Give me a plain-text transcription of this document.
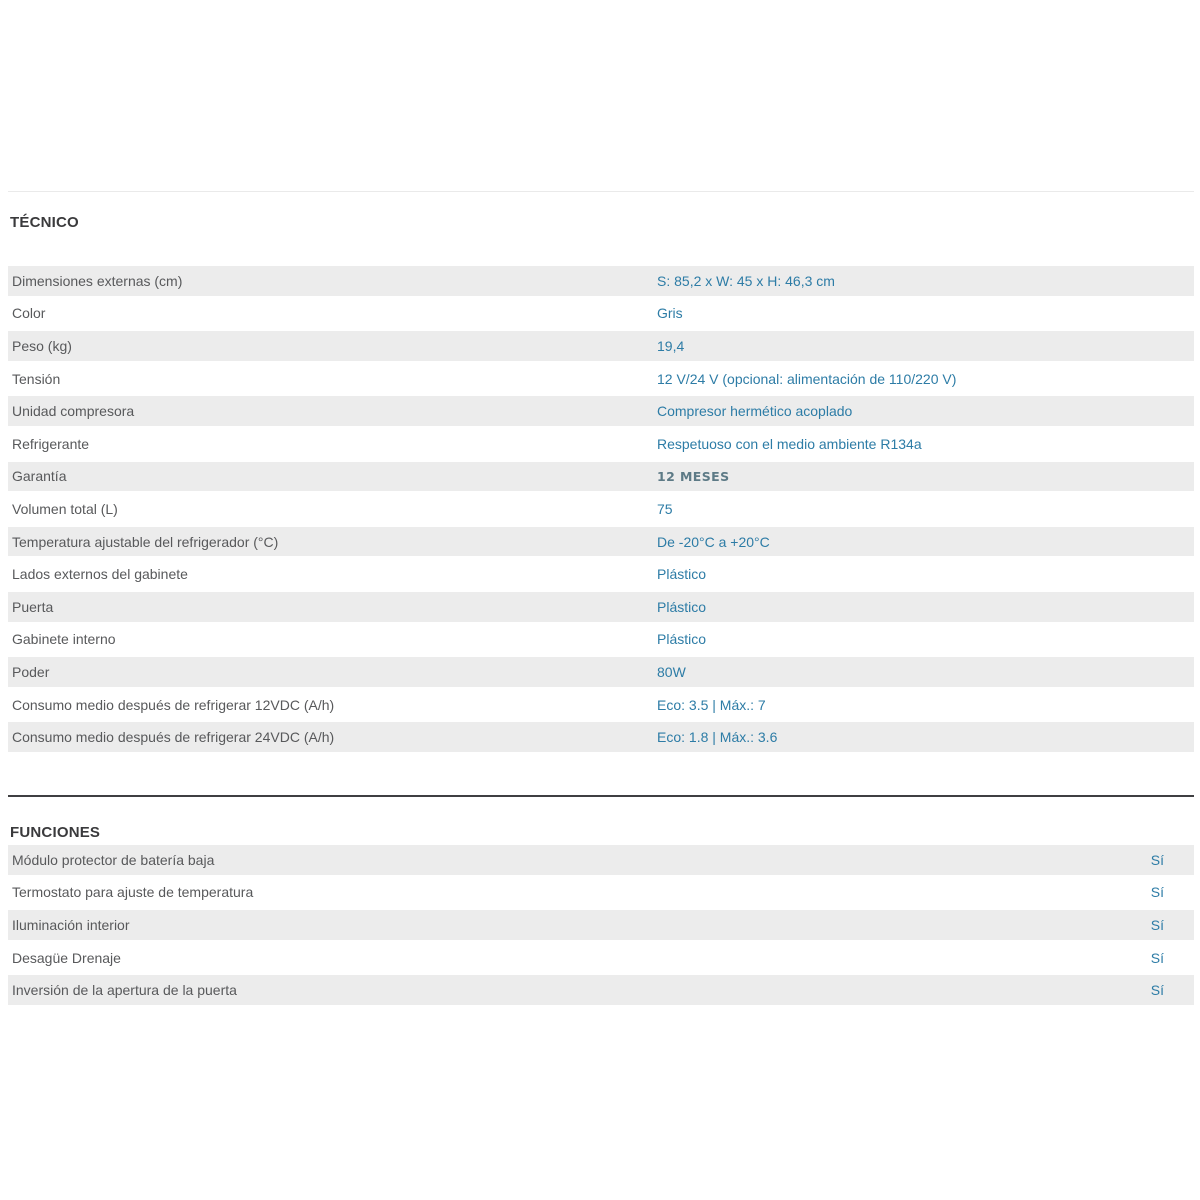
TÉCNICO
Dimensiones externas (cm)	S: 85,2 x W: 45 x H: 46,3 cm
Color	Gris
Peso (kg)	19,4
Tensión	12 V/24 V (opcional: alimentación de 110/220 V)
Unidad compresora	Compresor hermético acoplado
Refrigerante	Respetuoso con el medio ambiente R134a
Garantía	12 MESES
Volumen total (L)	75
Temperatura ajustable del refrigerador (°C)	De -20°C a +20°C
Lados externos del gabinete	Plástico
Puerta	Plástico
Gabinete interno	Plástico
Poder	80W
Consumo medio después de refrigerar 12VDC (A/h)	Eco: 3.5 | Máx.: 7
Consumo medio después de refrigerar 24VDC (A/h)	Eco: 1.8 | Máx.: 3.6
FUNCIONES
Módulo protector de batería baja	Sí
Termostato para ajuste de temperatura	Sí
Iluminación interior	Sí
Desagüe Drenaje	Sí
Inversión de la apertura de la puerta	Sí
